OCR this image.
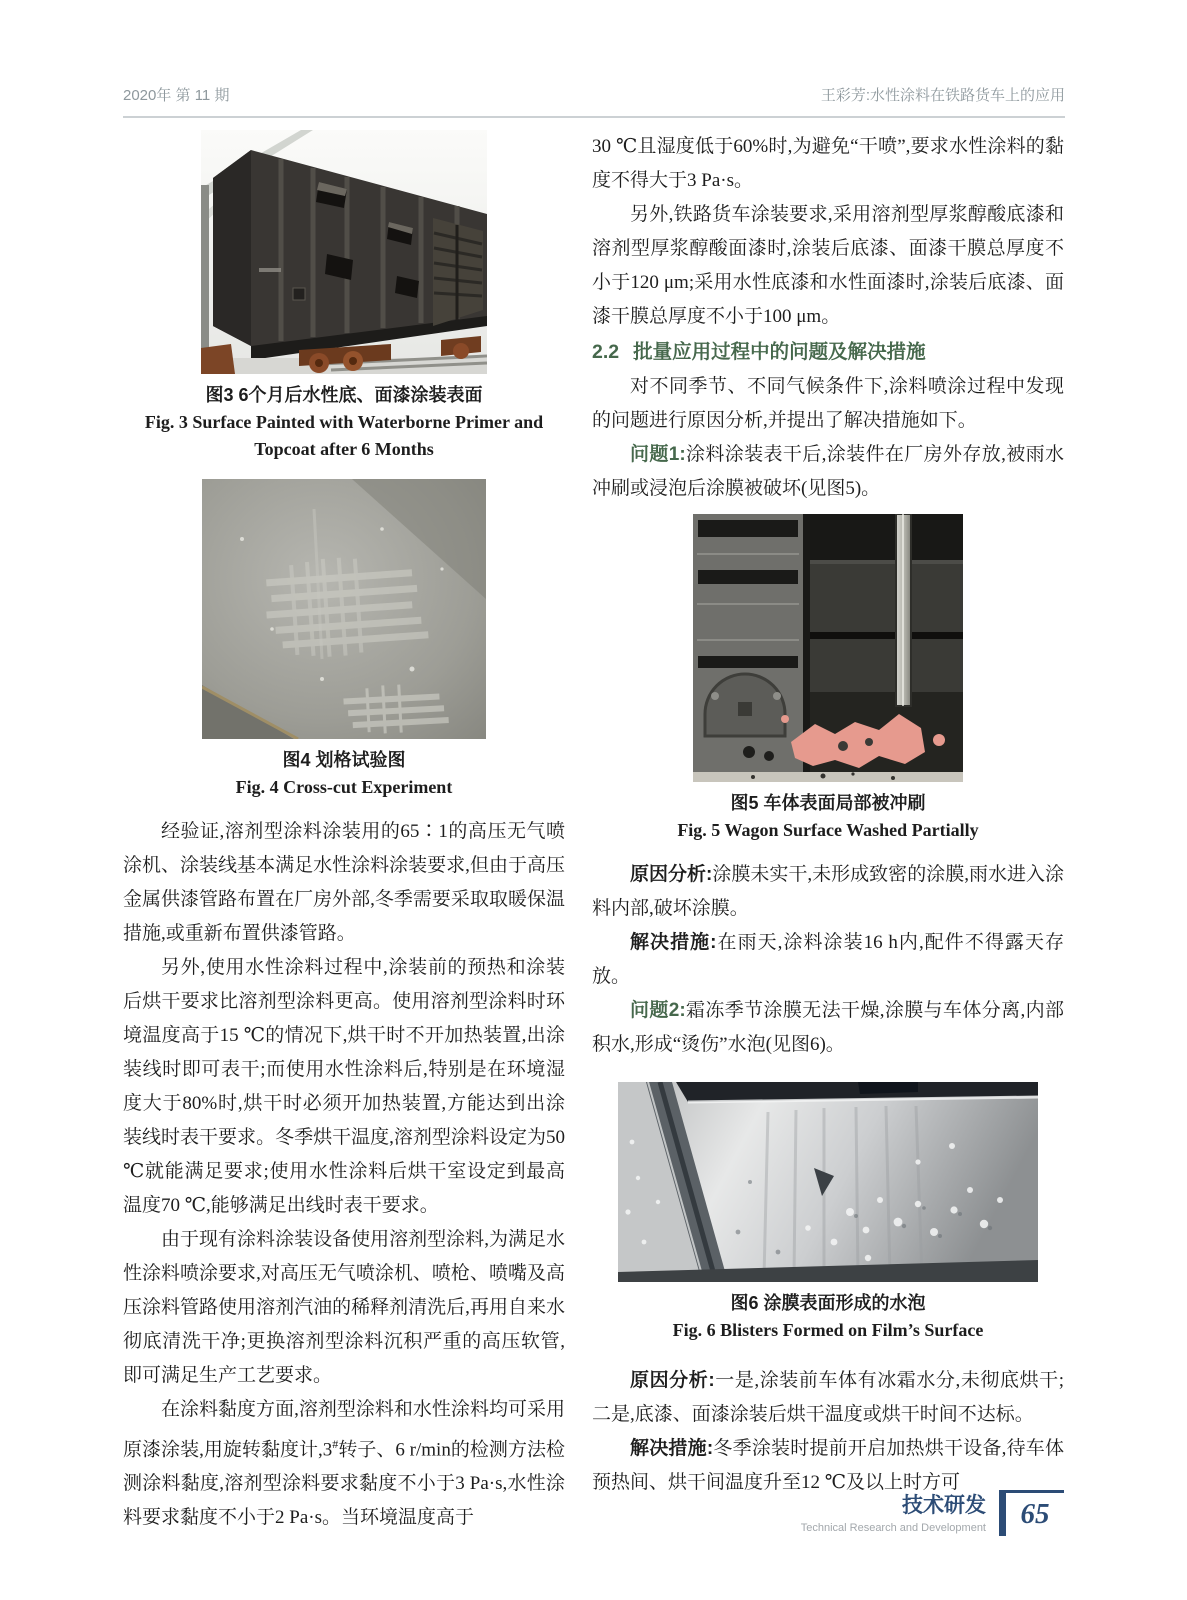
2020年 第 11 期	王彩芳:水性涂料在铁路货车上的应用
图3 6个月后水性底、面漆涂装表面
Fig. 3 Surface Painted with Waterborne Primer and Topcoat after 6 Months
图4 划格试验图
Fig. 4 Cross-cut Experiment

经验证,溶剂型涂料涂装用的65∶1的高压无气喷涂机、涂装线基本满足水性涂料涂装要求,但由于高压金属供漆管路布置在厂房外部,冬季需要采取取暖保温措施,或重新布置供漆管路。

另外,使用水性涂料过程中,涂装前的预热和涂装后烘干要求比溶剂型涂料更高。使用溶剂型涂料时环境温度高于15 ℃的情况下,烘干时不开加热装置,出涂装线时即可表干;而使用水性涂料后,特别是在环境湿度大于80%时,烘干时必须开加热装置,方能达到出涂装线时表干要求。冬季烘干温度,溶剂型涂料设定为50 ℃就能满足要求;使用水性涂料后烘干室设定到最高温度70 ℃,能够满足出线时表干要求。

由于现有涂料涂装设备使用溶剂型涂料,为满足水性涂料喷涂要求,对高压无气喷涂机、喷枪、喷嘴及高压涂料管路使用溶剂汽油的稀释剂清洗后,再用自来水彻底清洗干净;更换溶剂型涂料沉积严重的高压软管,即可满足生产工艺要求。

在涂料黏度方面,溶剂型涂料和水性涂料均可采用原漆涂装,用旋转黏度计,3#转子、6 r/min的检测方法检测涂料黏度,溶剂型涂料要求黏度不小于3 Pa·s,水性涂料要求黏度不小于2 Pa·s。当环境温度高于

30 ℃且湿度低于60%时,为避免“干喷”,要求水性涂料的黏度不得大于3 Pa·s。

另外,铁路货车涂装要求,采用溶剂型厚浆醇酸底漆和溶剂型厚浆醇酸面漆时,涂装后底漆、面漆干膜总厚度不小于120 μm;采用水性底漆和水性面漆时,涂装后底漆、面漆干膜总厚度不小于100 μm。

2.2 批量应用过程中的问题及解决措施

对不同季节、不同气候条件下,涂料喷涂过程中发现的问题进行原因分析,并提出了解决措施如下。

问题1:涂料涂装表干后,涂装件在厂房外存放,被雨水冲刷或浸泡后涂膜被破坏(见图5)。

图5 车体表面局部被冲刷
Fig. 5 Wagon Surface Washed Partially

原因分析:涂膜未实干,未形成致密的涂膜,雨水进入涂料内部,破坏涂膜。

解决措施:在雨天,涂料涂装16 h内,配件不得露天存放。

问题2:霜冻季节涂膜无法干燥,涂膜与车体分离,内部积水,形成“烫伤”水泡(见图6)。

图6 涂膜表面形成的水泡
Fig. 6 Blisters Formed on Film’s Surface

原因分析:一是,涂装前车体有冰霜水分,未彻底烘干;二是,底漆、面漆涂装后烘干温度或烘干时间不达标。

解决措施:冬季涂装时提前开启加热烘干设备,待车体预热间、烘干间温度升至12 ℃及以上时方可

技术研发
Technical Research and Development 65
